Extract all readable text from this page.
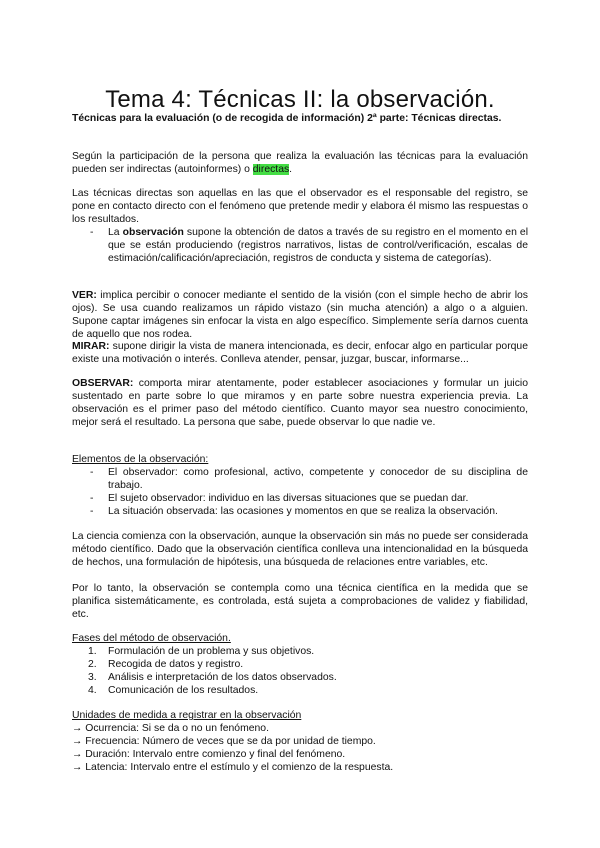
Tema 4: Técnicas II: la observación.

Técnicas para la evaluación (o de recogida de información) 2ª parte: Técnicas directas.

Según la participación de la persona que realiza la evaluación las técnicas para la evaluación pueden ser indirectas (autoinformes) o directas.

Las técnicas directas son aquellas en las que el observador es el responsable del registro, se pone en contacto directo con el fenómeno que pretende medir y elabora él mismo las respuestas o los resultados.

- La observación supone la obtención de datos a través de su registro en el momento en el que se están produciendo (registros narrativos, listas de control/verificación, escalas de estimación/calificación/apreciación, registros de conducta y sistema de categorías).

VER: implica percibir o conocer mediante el sentido de la visión (con el simple hecho de abrir los ojos). Se usa cuando realizamos un rápido vistazo (sin mucha atención) a algo o a alguien. Supone captar imágenes sin enfocar la vista en algo específico. Simplemente sería darnos cuenta de aquello que nos rodea.

MIRAR: supone dirigir la vista de manera intencionada, es decir, enfocar algo en particular porque existe una motivación o interés. Conlleva atender, pensar, juzgar, buscar, informarse...

OBSERVAR: comporta mirar atentamente, poder establecer asociaciones y formular un juicio sustentado en parte sobre lo que miramos y en parte sobre nuestra experiencia previa. La observación es el primer paso del método científico. Cuanto mayor sea nuestro conocimiento, mejor será el resultado. La persona que sabe, puede observar lo que nadie ve.

Elementos de la observación:

- El observador: como profesional, activo, competente y conocedor de su disciplina de trabajo.
- El sujeto observador: individuo en las diversas situaciones que se puedan dar.
- La situación observada: las ocasiones y momentos en que se realiza la observación.

La ciencia comienza con la observación, aunque la observación sin más no puede ser considerada método científico. Dado que la observación científica conlleva una intencionalidad en la búsqueda de hechos, una formulación de hipótesis, una búsqueda de relaciones entre variables, etc.

Por lo tanto, la observación se contempla como una técnica científica en la medida que se planifica sistemáticamente, es controlada, está sujeta a comprobaciones de validez y fiabilidad, etc.

Fases del método de observación.

1. Formulación de un problema y sus objetivos.
2. Recogida de datos y registro.
3. Análisis e interpretación de los datos observados.
4. Comunicación de los resultados.

Unidades de medida a registrar en la observación

→ Ocurrencia: Si se da o no un fenómeno.
→ Frecuencia: Número de veces que se da por unidad de tiempo.
→ Duración: Intervalo entre comienzo y final del fenómeno.
→ Latencia: Intervalo entre el estímulo y el comienzo de la respuesta.
